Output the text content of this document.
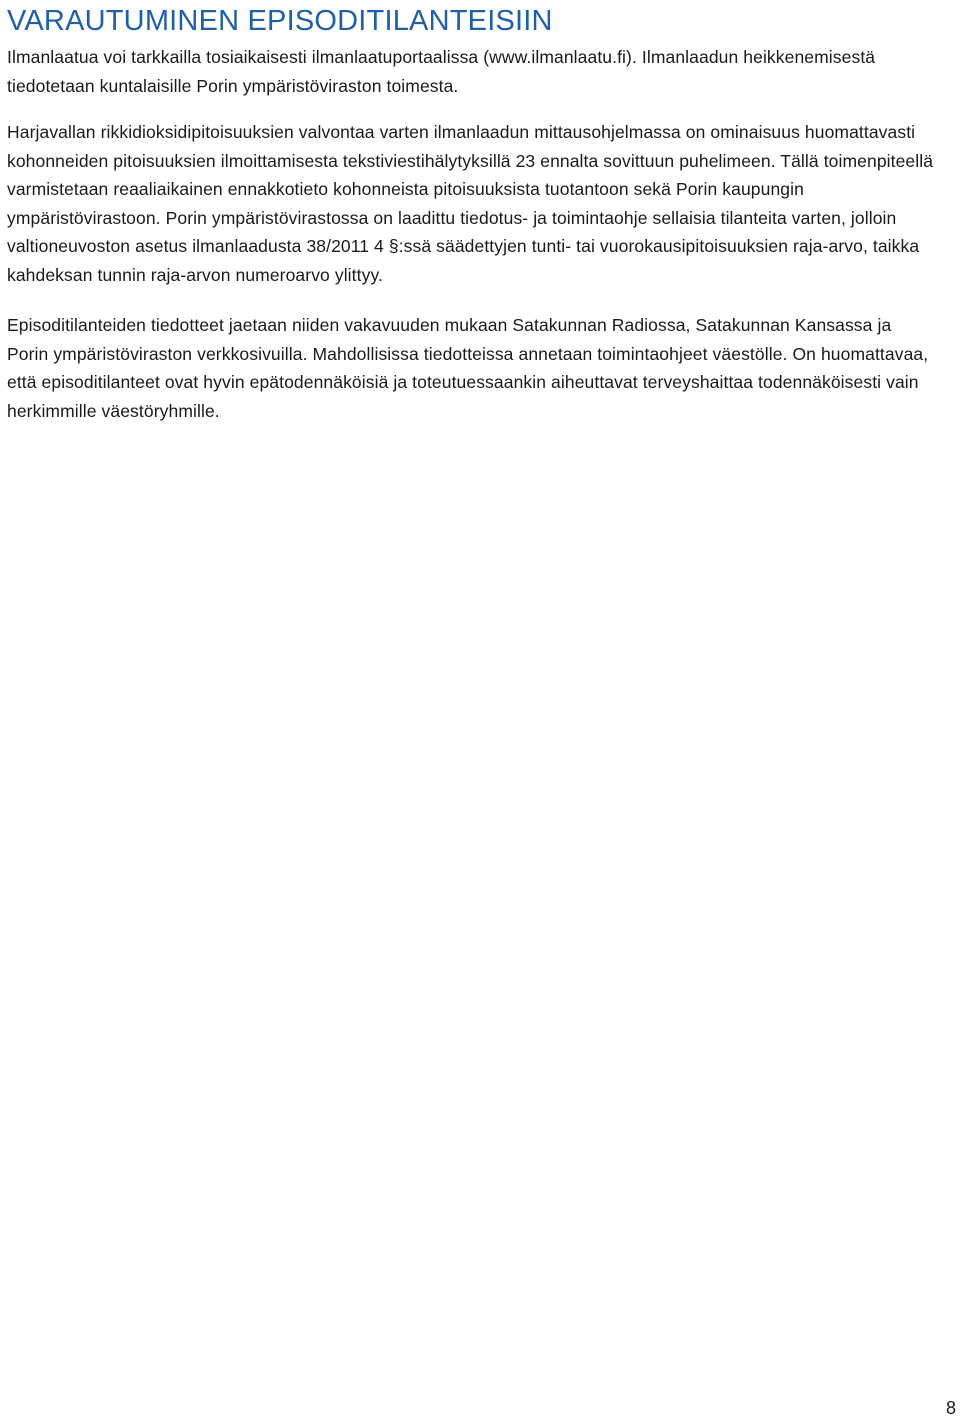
VARAUTUMINEN EPISODITILANTEISIIN

Ilmanlaatua voi tarkkailla tosiaikaisesti ilmanlaatuportaalissa (www.ilmanlaatu.fi). Ilmanlaadun heikkenemisestä tiedotetaan kuntalaisille Porin ympäristöviraston toimesta.

Harjavallan rikkidioksidipitoisuuksien valvontaa varten ilmanlaadun mittausohjelmassa on ominaisuus huomattavasti kohonneiden pitoisuuksien ilmoittamisesta tekstiviestihälytyksillä 23 ennalta sovittuun puhelimeen. Tällä toimenpiteellä varmistetaan reaaliaikainen ennakkotieto kohonneista pitoisuuksista tuotantoon sekä Porin kaupungin ympäristövirastoon. Porin ympäristövirastossa on laadittu tiedotus- ja toimintaohje sellaisia tilanteita varten, jolloin valtioneuvoston asetus ilmanlaadusta 38/2011 4 §:ssä säädettyjen tunti- tai vuorokausipitoisuuksien raja-arvo, taikka kahdeksan tunnin raja-arvon numeroarvo ylittyy.

Episoditilanteiden tiedotteet jaetaan niiden vakavuuden mukaan Satakunnan Radiossa, Satakunnan Kansassa ja Porin ympäristöviraston verkkosivuilla. Mahdollisissa tiedotteissa annetaan toimintaohjeet väestölle. On huomattavaa, että episoditilanteet ovat hyvin epätodennäköisiä ja toteutuessaankin aiheuttavat terveyshaittaa todennäköisesti vain herkimmille väestöryhmille.

8
